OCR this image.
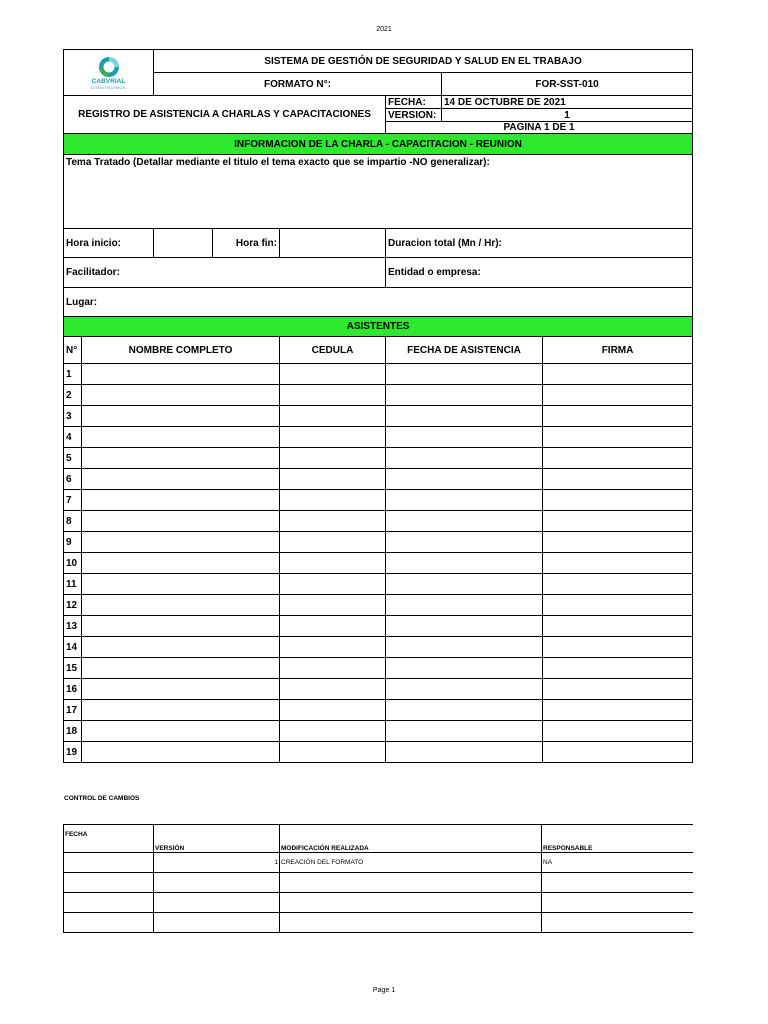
2021
CABVRIAL
CONSTRUIMOS		SISTEMA DE GESTIÓN DE SEGURIDAD Y SALUD EN EL TRABAJO					
		FORMATO N°:				FOR-SST-010	
REGISTRO DE ASISTENCIA A CHARLAS Y CAPACITACIONES					FECHA:	14 DE OCTUBRE DE 2021	
					VERSION:	1	
					PAGINA 1 DE 1		
INFORMACION DE LA CHARLA - CAPACITACION - REUNION							
Tema Tratado (Detallar mediante el titulo el tema exacto que se impartio -NO generalizar):							
Hora inicio:			Hora fin:		Duracion total (Mn / Hr):		
Facilitador:					Entidad o empresa:		
Lugar:							
ASISTENTES							
N°	NOMBRE COMPLETO			CEDULA	FECHA DE ASISTENCIA		FIRMA
1							
2							
3							
4							
5							
6							
7							
8							
9							
10							
11							
12							
13							
14							
15							
16							
17							
18							
19							
CONTROL DE CAMBIOS
FECHA	VERSIÓN	MODIFICACIÓN REALIZADA	RESPONSABLE
	1	CREACIÓN DEL FORMATO	NA

Page 1
